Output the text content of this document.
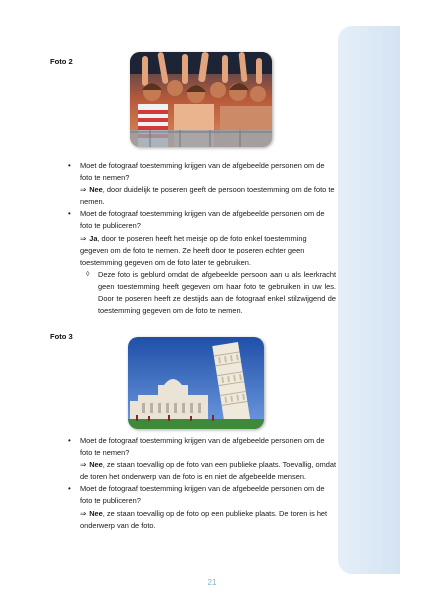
Foto 2
• Moet de fotograaf toestemming krijgen van de afgebeelde personen om de foto te nemen?
⇒ Nee, door duidelijk te poseren geeft de persoon toestemming om de foto te nemen.
• Moet de fotograaf toestemming krijgen van de afgebeelde personen om de foto te publiceren?
⇒ Ja, door te poseren heeft het meisje op de foto enkel toestemming gegeven om de foto te nemen. Ze heeft door te poseren echter geen toestemming gegeven om de foto later te gebruiken.
◊ Deze foto is geblurd omdat de afgebeelde persoon aan u als leerkracht geen toestemming heeft gegeven om haar foto te gebruiken in uw les. Door te poseren heeft ze destijds aan de fotograaf enkel stilzwijgend de toestemming gegeven om de foto te nemen.
Foto 3
• Moet de fotograaf toestemming krijgen van de afgebeelde personen om de foto te nemen?
⇒ Nee, ze staan toevallig op de foto van een publieke plaats. Toevallig, omdat de toren het onderwerp van de foto is en niet de afgebeelde mensen.
• Moet de fotograaf toestemming krijgen van de afgebeelde personen om de foto te publiceren?
⇒ Nee, ze staan toevallig op de foto op een publieke plaats. De toren is het onderwerp van de foto.
21
